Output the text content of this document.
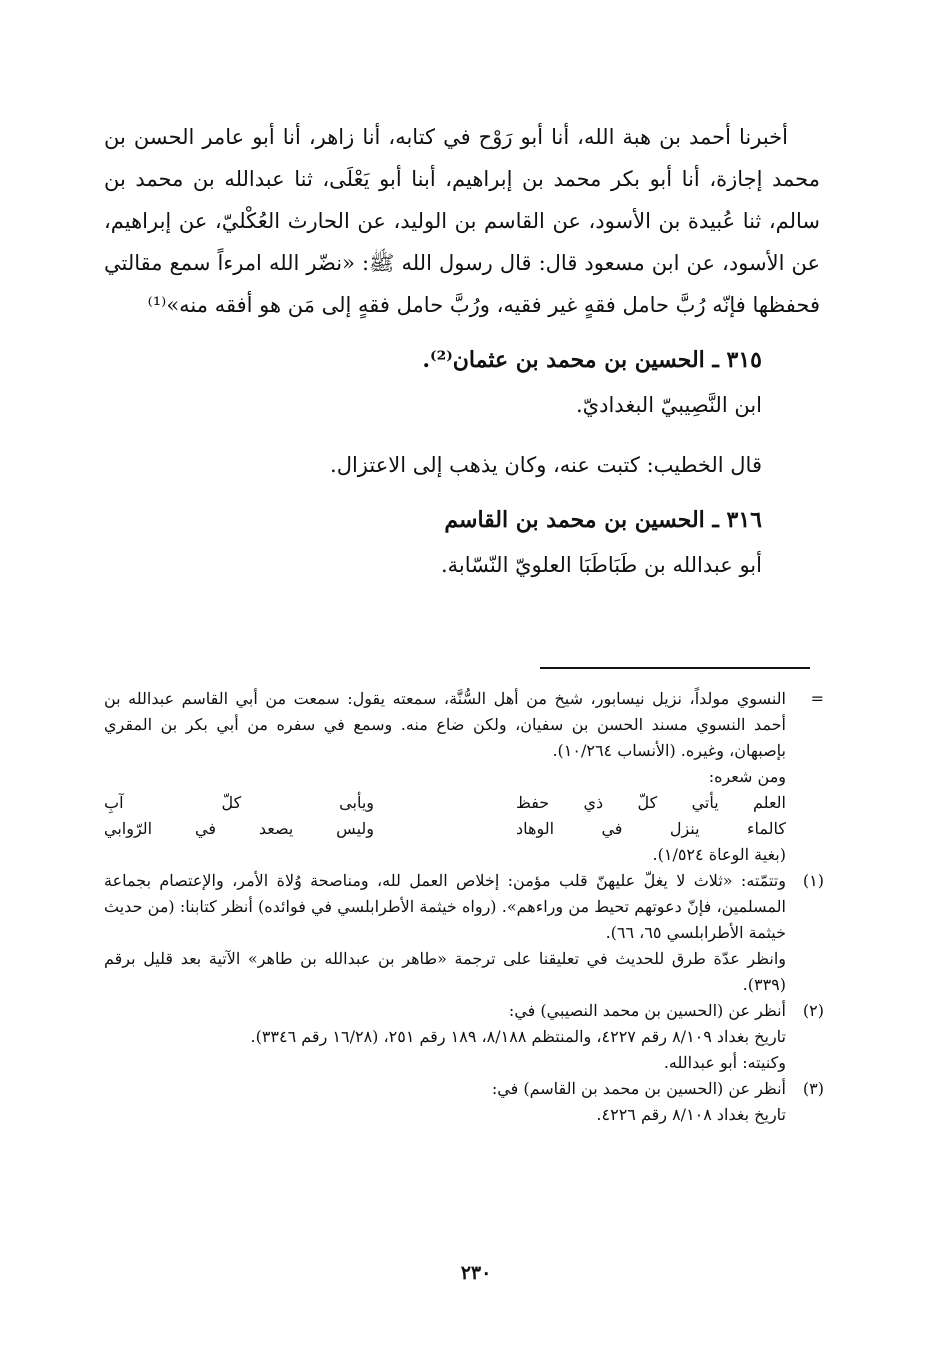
أخبرنا أحمد بن هبة الله، أنا أبو رَوْح في كتابه، أنا زاهر، أنا أبو عامر الحسن بن محمد إجازة، أنا أبو بكر محمد بن إبراهيم، أبنا أبو يَعْلَى، ثنا عبدالله بن محمد بن سالم، ثنا عُبيدة بن الأسود، عن القاسم بن الوليد، عن الحارث العُكْليّ، عن إبراهيم، عن الأسود، عن ابن مسعود قال: قال رسول الله ﷺ: «نضّر الله امرءاً سمع مقالتي فحفظها فإنّه رُبَّ حامل فقهٍ غير فقيه، ورُبَّ حامل فقهٍ إلى مَن هو أفقه منه»⁽¹⁾

٣١٥ ـ الحسين بن محمد بن عثمان⁽²⁾.
ابن النَّصِيبيّ البغداديّ.
قال الخطيب: كتبت عنه، وكان يذهب إلى الاعتزال.
٣١٦ ـ الحسين بن محمد بن القاسم
أبو عبدالله بن طَبَاطَبَا العلويّ النّسّابة.
=
النسوي مولداً، نزيل نيسابور، شيخ من أهل السُّنَّة، سمعته يقول: سمعت من أبي القاسم عبدالله بن أحمد النسوي مسند الحسن بن سفيان، ولكن ضاع منه. وسمع في سفره من أبي بكر بن المقري بإصبهان، وغيره. (الأنساب ١٠/٢٦٤).
ومن شعره:
العلم يأتي كلّ ذي حفظ
ويأبى كلّ آبِ
كالماء ينزل في الوهاد
وليس يصعد في الرّوابي
(بغية الوعاة ١/٥٢٤).
(١)
وتتمّته: «ثلاث لا يغلّ عليهنّ قلب مؤمن: إخلاص العمل لله، ومناصحة وُلاة الأمر، والإعتصام بجماعة المسلمين، فإنّ دعوتهم تحيط من وراءهم». (رواه خيثمة الأطرابلسي في فوائده) أنظر كتابنا: (من حديث خيثمة الأطرابلسي ٦٥، ٦٦).
وانظر عدّة طرق للحديث في تعليقنا على ترجمة «طاهر بن عبدالله بن طاهر» الآتية بعد قليل برقم (٣٣٩).
(٢)
أنظر عن (الحسين بن محمد النصيبي) في:
تاريخ بغداد ٨/١٠٩ رقم ٤٢٢٧، والمنتظم ٨/١٨٨، ١٨٩ رقم ٢٥١، (١٦/٢٨ رقم ٣٣٤٦).
وكنيته: أبو عبدالله.
(٣)
أنظر عن (الحسين بن محمد بن القاسم) في:
تاريخ بغداد ٨/١٠٨ رقم ٤٢٢٦.
٢٣٠
